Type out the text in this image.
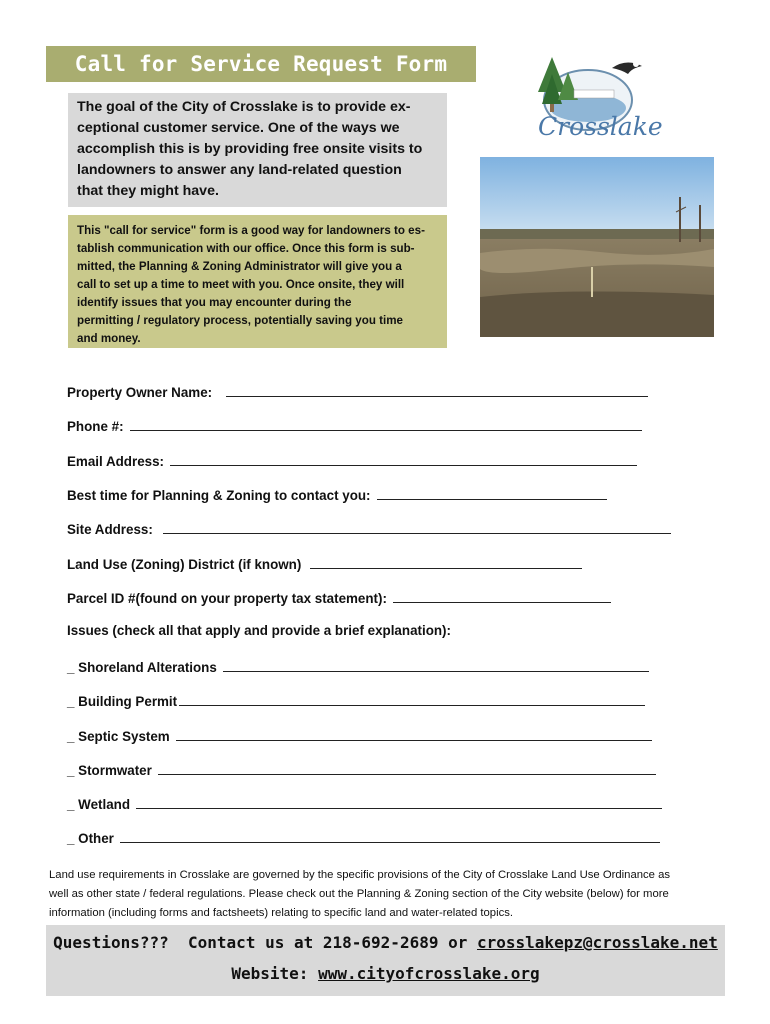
Call for Service Request Form
The goal of the City of Crosslake is to provide ex-
ceptional customer service. One of the ways we
accomplish this is by providing free onsite visits to
landowners to answer any land-related question
that they might have.
This "call for service" form is a good way for landowners to es-
tablish communication with our office. Once this form is sub-
mitted, the Planning & Zoning Administrator will give you a
call to set up a time to meet with you. Once onsite, they will
identify issues that you may encounter during the
permitting / regulatory process, potentially saving you time
and money.
Crosslake
Property Owner Name:
Phone #:
Email Address:
Best time for Planning & Zoning to contact you:
Site Address:
Land Use (Zoning) District (if known)
Parcel ID #(found on your property tax statement):
Issues (check all that apply and provide a brief explanation):
_ Shoreland Alterations
_ Building Permit
_ Septic System
_ Stormwater
_ Wetland
_ Other
Land use requirements in Crosslake are governed by the specific provisions of the City of Crosslake Land Use Ordinance as
well as other state / federal regulations. Please check out the Planning & Zoning section of the City website (below) for more
information (including forms and factsheets) relating to specific land and water-related topics.
Questions???  Contact us at 218-692-2689 or crosslakepz@crosslake.net
Website: www.cityofcrosslake.org
